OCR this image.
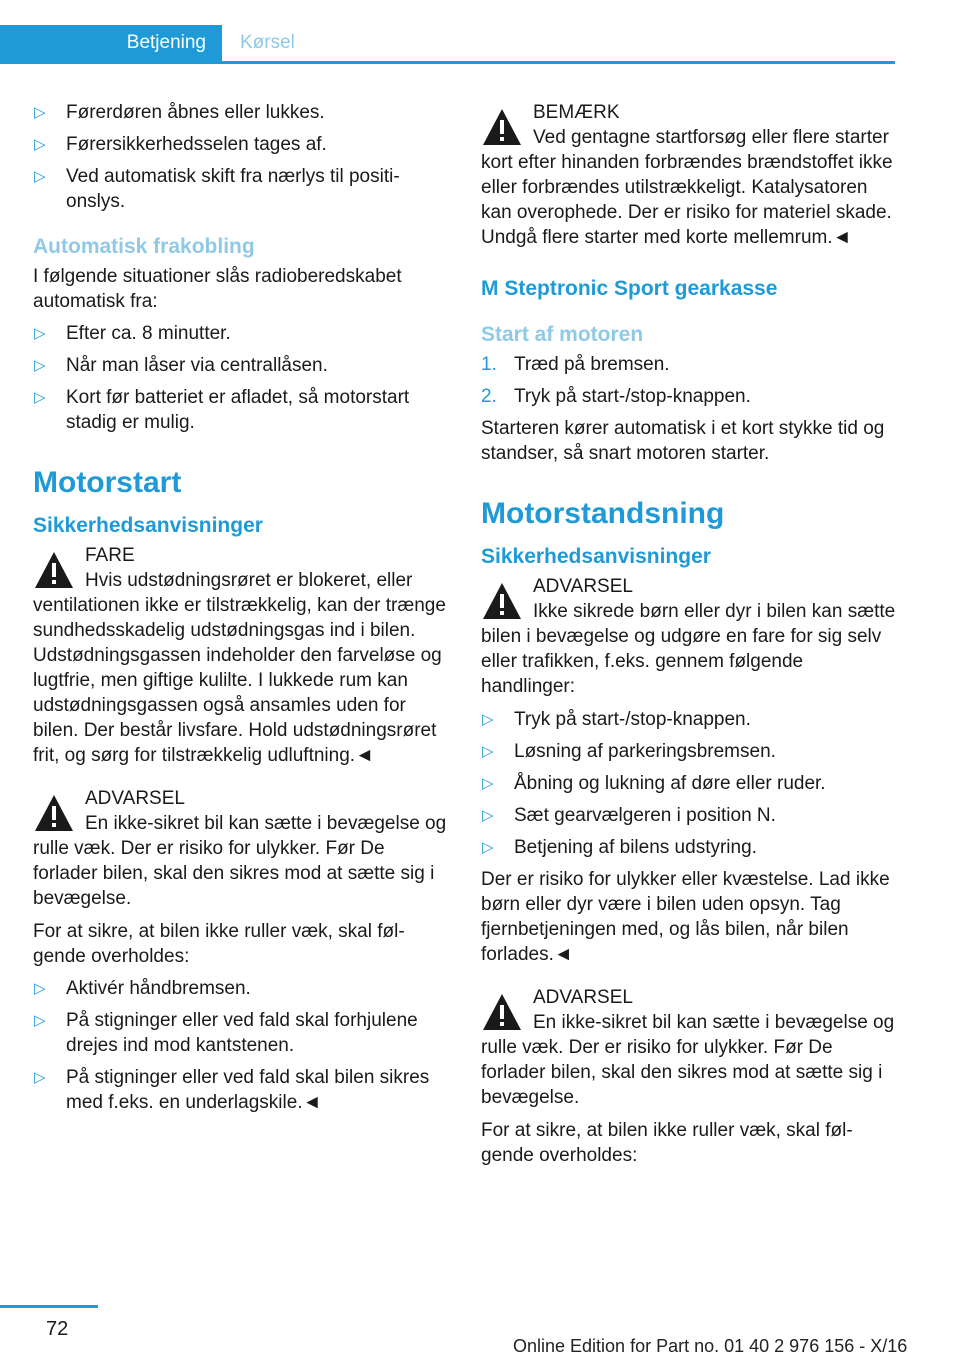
Betjening	Kørsel
▷ Førerdøren åbnes eller lukkes.
▷ Førersikkerhedsselen tages af.
▷ Ved automatisk skift fra nærlys til positionslys.
Automatisk frakobling

I følgende situationer slås radioberedskabet automatisk fra:

▷ Efter ca. 8 minutter.
▷ Når man låser via centrallåsen.
▷ Kort før batteriet er afladet, så motorstart stadig er mulig.
Motorstart
Sikkerhedsanvisninger
FARE
Hvis udstødningsrøret er blokeret, eller ventilationen ikke er tilstrækkelig, kan der trænge sundhedsskadelig udstødningsgas ind i bilen. Udstødningsgassen indeholder den farveløse og lugtfrie, men giftige kulilte. I lukkede rum kan udstødningsgassen også ansamles uden for bilen. Der består livsfare. Hold udstødningsrøret frit, og sørg for tilstrækkelig udluftning.◄
ADVARSEL
En ikke-sikret bil kan sætte i bevægelse og rulle væk. Der er risiko for ulykker. Før De forlader bilen, skal den sikres mod at sætte sig i bevægelse.

For at sikre, at bilen ikke ruller væk, skal følgende overholdes:

▷ Aktivér håndbremsen.
▷ På stigninger eller ved fald skal forhjulene drejes ind mod kantstenen.
▷ På stigninger eller ved fald skal bilen sikres med f.eks. en underlagskile.◄
BEMÆRK
Ved gentagne startforsøg eller flere starter kort efter hinanden forbrændes brændstoffet ikke eller forbrændes utilstrækkeligt. Katalysatoren kan overophede. Der er risiko for materiel skade. Undgå flere starter med korte mellemrum.◄
M Steptronic Sport gearkasse
Start af motoren
1. Træd på bremsen.
2. Tryk på start-/stop-knappen.

Starteren kører automatisk i et kort stykke tid og standser, så snart motoren starter.

Motorstandsning
Sikkerhedsanvisninger
ADVARSEL
Ikke sikrede børn eller dyr i bilen kan sætte bilen i bevægelse og udgøre en fare for sig selv eller trafikken, f.eks. gennem følgende handlinger:
▷ Tryk på start-/stop-knappen.
▷ Løsning af parkeringsbremsen.
▷ Åbning og lukning af døre eller ruder.
▷ Sæt gearvælgeren i position N.
▷ Betjening af bilens udstyring.

Der er risiko for ulykker eller kvæstelse. Lad ikke børn eller dyr være i bilen uden opsyn. Tag fjernbetjeningen med, og lås bilen, når bilen forlades.◄

ADVARSEL
En ikke-sikret bil kan sætte i bevægelse og rulle væk. Der er risiko for ulykker. Før De forlader bilen, skal den sikres mod at sætte sig i bevægelse.

For at sikre, at bilen ikke ruller væk, skal følgende overholdes:

72
Online Edition for Part no. 01 40 2 976 156 - X/16
